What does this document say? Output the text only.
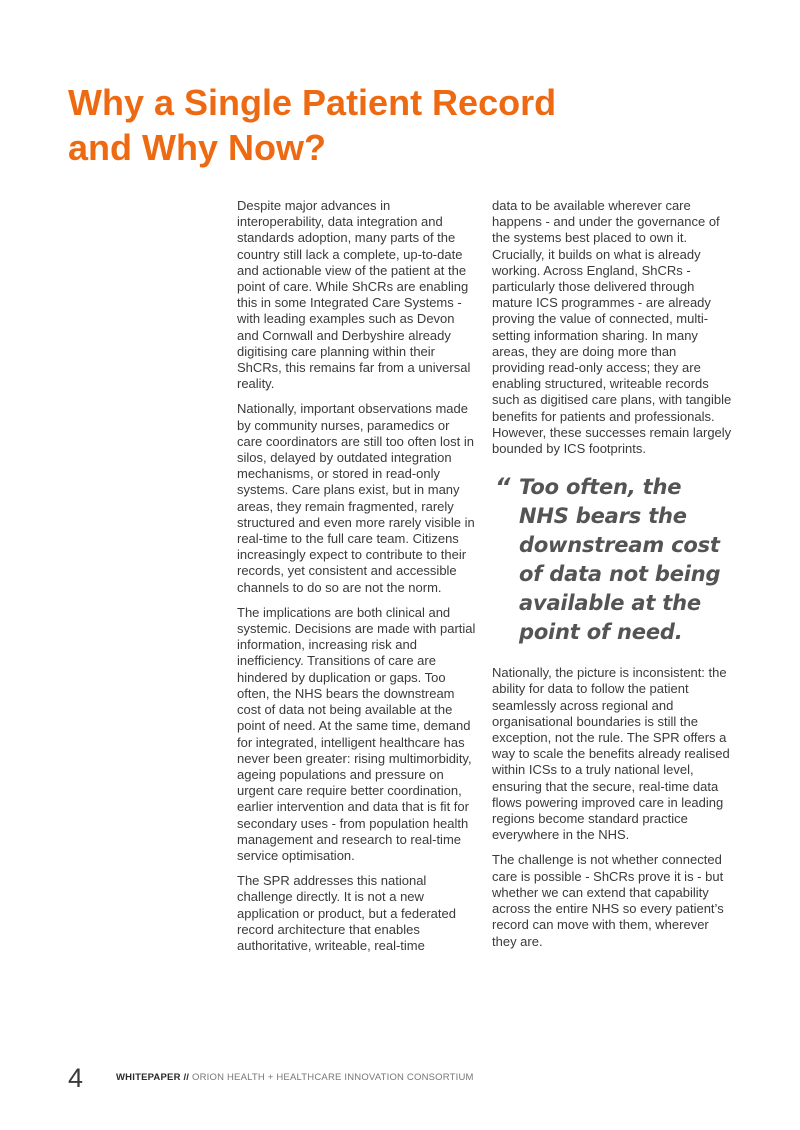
Why a Single Patient Record and Why Now?

Despite major advances in interoperability, data integration and standards adoption, many parts of the country still lack a complete, up-to-date and actionable view of the patient at the point of care. While ShCRs are enabling this in some Integrated Care Systems - with leading examples such as Devon and Cornwall and Derbyshire already digitising care planning within their ShCRs, this remains far from a universal reality.

Nationally, important observations made by community nurses, paramedics or care coordinators are still too often lost in silos, delayed by outdated integration mechanisms, or stored in read-only systems. Care plans exist, but in many areas, they remain fragmented, rarely structured and even more rarely visible in real-time to the full care team. Citizens increasingly expect to contribute to their records, yet consistent and accessible channels to do so are not the norm.

The implications are both clinical and systemic. Decisions are made with partial information, increasing risk and inefficiency. Transitions of care are hindered by duplication or gaps. Too often, the NHS bears the downstream cost of data not being available at the point of need. At the same time, demand for integrated, intelligent healthcare has never been greater: rising multimorbidity, ageing populations and pressure on urgent care require better coordination, earlier intervention and data that is fit for secondary uses - from population health management and research to real-time service optimisation.

The SPR addresses this national challenge directly. It is not a new application or product, but a federated record architecture that enables authoritative, writeable, real-time

data to be available wherever care happens - and under the governance of the systems best placed to own it. Crucially, it builds on what is already working. Across England, ShCRs - particularly those delivered through mature ICS programmes - are already proving the value of connected, multi-setting information sharing. In many areas, they are doing more than providing read-only access; they are enabling structured, writeable records such as digitised care plans, with tangible benefits for patients and professionals. However, these successes remain largely bounded by ICS footprints.

“ Too often, the NHS bears the downstream cost of data not being available at the point of need.

Nationally, the picture is inconsistent: the ability for data to follow the patient seamlessly across regional and organisational boundaries is still the exception, not the rule. The SPR offers a way to scale the benefits already realised within ICSs to a truly national level, ensuring that the secure, real-time data flows powering improved care in leading regions become standard practice everywhere in the NHS.

The challenge is not whether connected care is possible - ShCRs prove it is - but whether we can extend that capability across the entire NHS so every patient’s record can move with them, wherever they are.

4	WHITEPAPER // ORION HEALTH + HEALTHCARE INNOVATION CONSORTIUM
